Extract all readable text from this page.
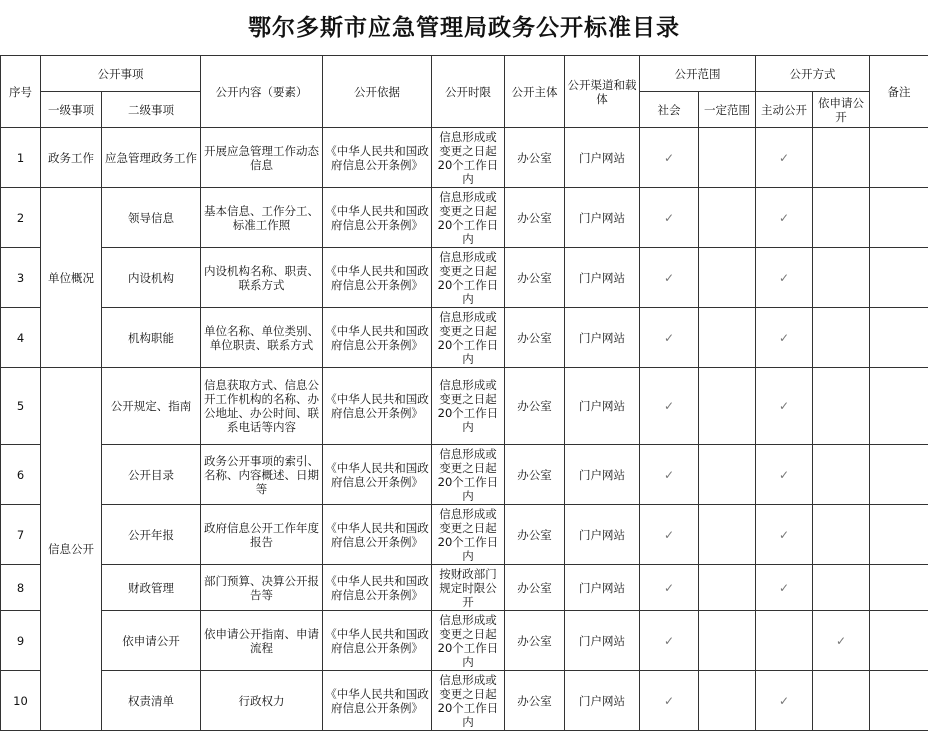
鄂尔多斯市应急管理局政务公开标准目录
序号	公开事项		公开内容（要素）	公开依据	公开时限	公开主体	公开渠道和载体	公开范围		公开方式		备注
	一级事项	二级事项						社会	一定范围	主动公开	依申请公开	
1	政务工作	应急管理政务工作	开展应急管理工作动态信息	《中华人民共和国政府信息公开条例》	信息形成或变更之日起20个工作日内	办公室	门户网站	✓		✓		
2	单位概况	领导信息	基本信息、工作分工、标准工作照	《中华人民共和国政府信息公开条例》	信息形成或变更之日起20个工作日内	办公室	门户网站	✓		✓		
3		内设机构	内设机构名称、职责、联系方式	《中华人民共和国政府信息公开条例》	信息形成或变更之日起20个工作日内	办公室	门户网站	✓		✓		
4		机构职能	单位名称、单位类别、单位职责、联系方式	《中华人民共和国政府信息公开条例》	信息形成或变更之日起20个工作日内	办公室	门户网站	✓		✓		
5	信息公开	公开规定、指南	信息获取方式、信息公开工作机构的名称、办公地址、办公时间、联系电话等内容	《中华人民共和国政府信息公开条例》	信息形成或变更之日起20个工作日内	办公室	门户网站	✓		✓		
6		公开目录	政务公开事项的索引、名称、内容概述、日期等	《中华人民共和国政府信息公开条例》	信息形成或变更之日起20个工作日内	办公室	门户网站	✓		✓		
7		公开年报	政府信息公开工作年度报告	《中华人民共和国政府信息公开条例》	信息形成或变更之日起20个工作日内	办公室	门户网站	✓		✓		
8		财政管理	部门预算、决算公开报告等	《中华人民共和国政府信息公开条例》	按财政部门规定时限公开	办公室	门户网站	✓		✓		
9		依申请公开	依申请公开指南、申请流程	《中华人民共和国政府信息公开条例》	信息形成或变更之日起20个工作日内	办公室	门户网站	✓			✓	
10		权责清单	行政权力	《中华人民共和国政府信息公开条例》	信息形成或变更之日起20个工作日内	办公室	门户网站	✓		✓		
